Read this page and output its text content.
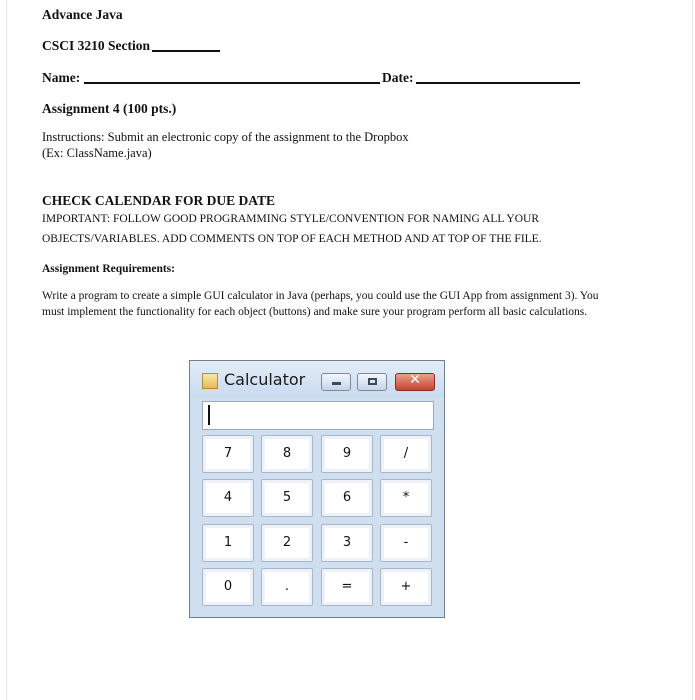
Advance Java
CSCI 3210 Section
Name:	Date:
Assignment 4 (100 pts.)
Instructions: Submit an electronic copy of the assignment to the Dropbox
(Ex: ClassName.java)
CHECK CALENDAR FOR DUE DATE
IMPORTANT: FOLLOW GOOD PROGRAMMING STYLE/CONVENTION FOR NAMING ALL YOUR
OBJECTS/VARIABLES. ADD COMMENTS ON TOP OF EACH METHOD AND AT TOP OF THE FILE.
Assignment Requirements:
Write a program to create a simple GUI calculator in Java (perhaps, you could use the GUI App from assignment 3). You
must implement the functionality for each object (buttons) and make sure your program perform all basic calculations.
Calculator	✕
7	8	9	/
4	5	6	*
1	2	3	-
0	.	=	+
